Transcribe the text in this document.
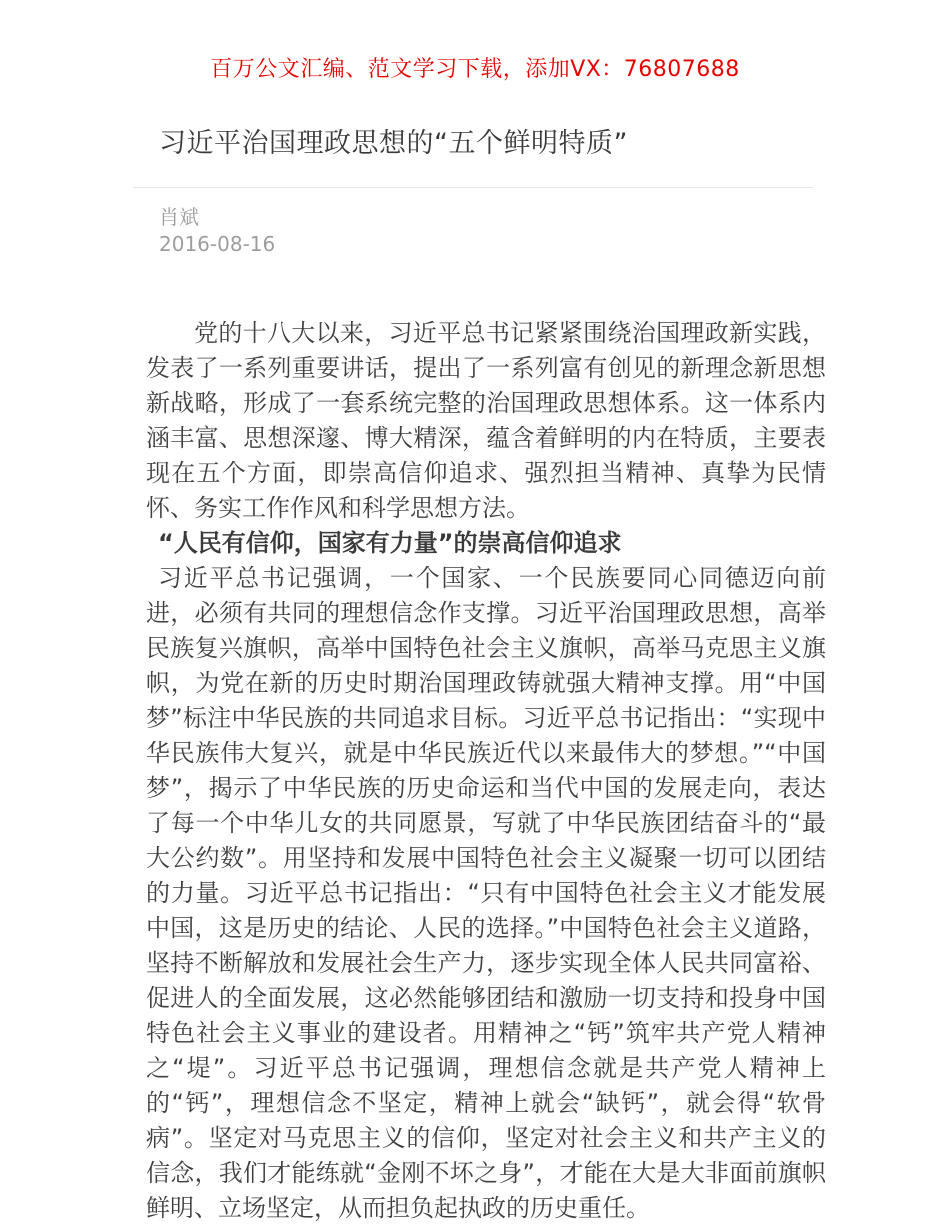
百万公文汇编、范文学习下载，添加VX：76807688
习近平治国理政思想的“五个鲜明特质”
肖斌
2016-08-16

党的十八大以来，习近平总书记紧紧围绕治国理政新实践，发表了一系列重要讲话，提出了一系列富有创见的新理念新思想新战略，形成了一套系统完整的治国理政思想体系。这一体系内涵丰富、思想深邃、博大精深，蕴含着鲜明的内在特质，主要表现在五个方面，即崇高信仰追求、强烈担当精神、真挚为民情怀、务实工作作风和科学思想方法。

“人民有信仰，国家有力量”的崇高信仰追求

习近平总书记强调，一个国家、一个民族要同心同德迈向前进，必须有共同的理想信念作支撑。习近平治国理政思想，高举民族复兴旗帜，高举中国特色社会主义旗帜，高举马克思主义旗帜，为党在新的历史时期治国理政铸就强大精神支撑。用“中国梦”标注中华民族的共同追求目标。习近平总书记指出：“实现中华民族伟大复兴，就是中华民族近代以来最伟大的梦想。”“中国梦”，揭示了中华民族的历史命运和当代中国的发展走向，表达了每一个中华儿女的共同愿景，写就了中华民族团结奋斗的“最大公约数”。用坚持和发展中国特色社会主义凝聚一切可以团结的力量。习近平总书记指出：“只有中国特色社会主义才能发展中国，这是历史的结论、人民的选择。”中国特色社会主义道路，坚持不断解放和发展社会生产力，逐步实现全体人民共同富裕、促进人的全面发展，这必然能够团结和激励一切支持和投身中国特色社会主义事业的建设者。用精神之“钙”筑牢共产党人精神之“堤”。习近平总书记强调，理想信念就是共产党人精神上的“钙”，理想信念不坚定，精神上就会“缺钙”，就会得“软骨病”。坚定对马克思主义的信仰，坚定对社会主义和共产主义的信念，我们才能练就“金刚不坏之身”，才能在大是大非面前旗帜鲜明、立场坚定，从而担负起执政的历史重任。
